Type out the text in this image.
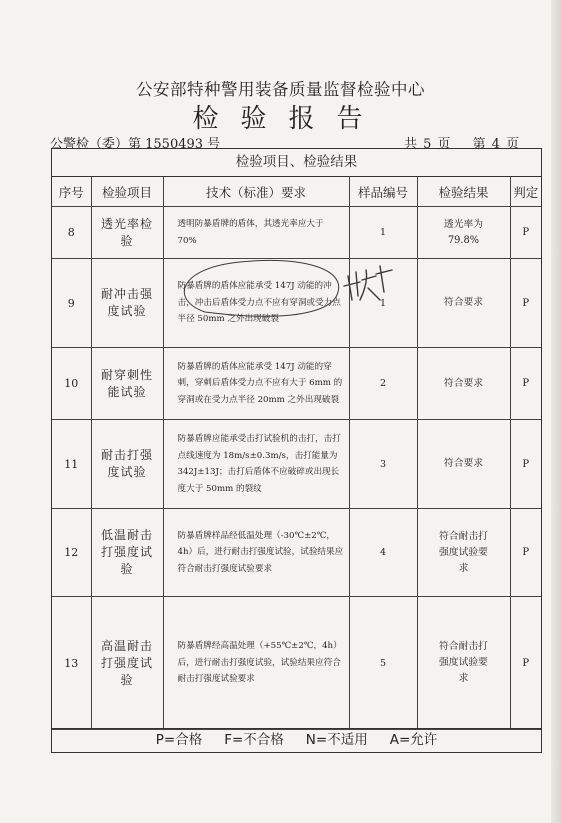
公安部特种警用装备质量监督检验中心
检验报告
公警检（委）第 1550493 号	共 5 页 第 4 页
检验项目、检验结果
序号	检验项目	技术（标准）要求	样品编号	检验结果	判定
8	透光率检验	透明防暴盾牌的盾体，其透光率应大于 70%	1	透光率为 79.8%	P
9	耐冲击强度试验	防暴盾牌的盾体应能承受 147J 动能的冲击，冲击后盾体受力点不应有穿洞或受力点半径 50mm 之外出现破裂	1	符合要求	P
10	耐穿刺性能试验	防暴盾牌的盾体应能承受 147J 动能的穿刺，穿刺后盾体受力点不应有大于 6mm 的穿洞或在受力点半径 20mm 之外出现破裂	2	符合要求	P
11	耐击打强度试验	防暴盾牌应能承受击打试验机的击打，击打点线速度为 18m/s±0.3m/s，击打能量为 342J±13J；击打后盾体不应破碎或出现长度大于 50mm 的裂纹	3	符合要求	P
12	低温耐击打强度试验	防暴盾牌样品经低温处理（-30℃±2℃，4h）后，进行耐击打强度试验，试验结果应符合耐击打强度试验要求	4	符合耐击打强度试验要求	P
13	高温耐击打强度试验	防暴盾牌经高温处理（+55℃±2℃，4h）后，进行耐击打强度试验，试验结果应符合耐击打强度试验要求	5	符合耐击打强度试验要求	P
P=合格 F=不合格 N=不适用 A=允许
